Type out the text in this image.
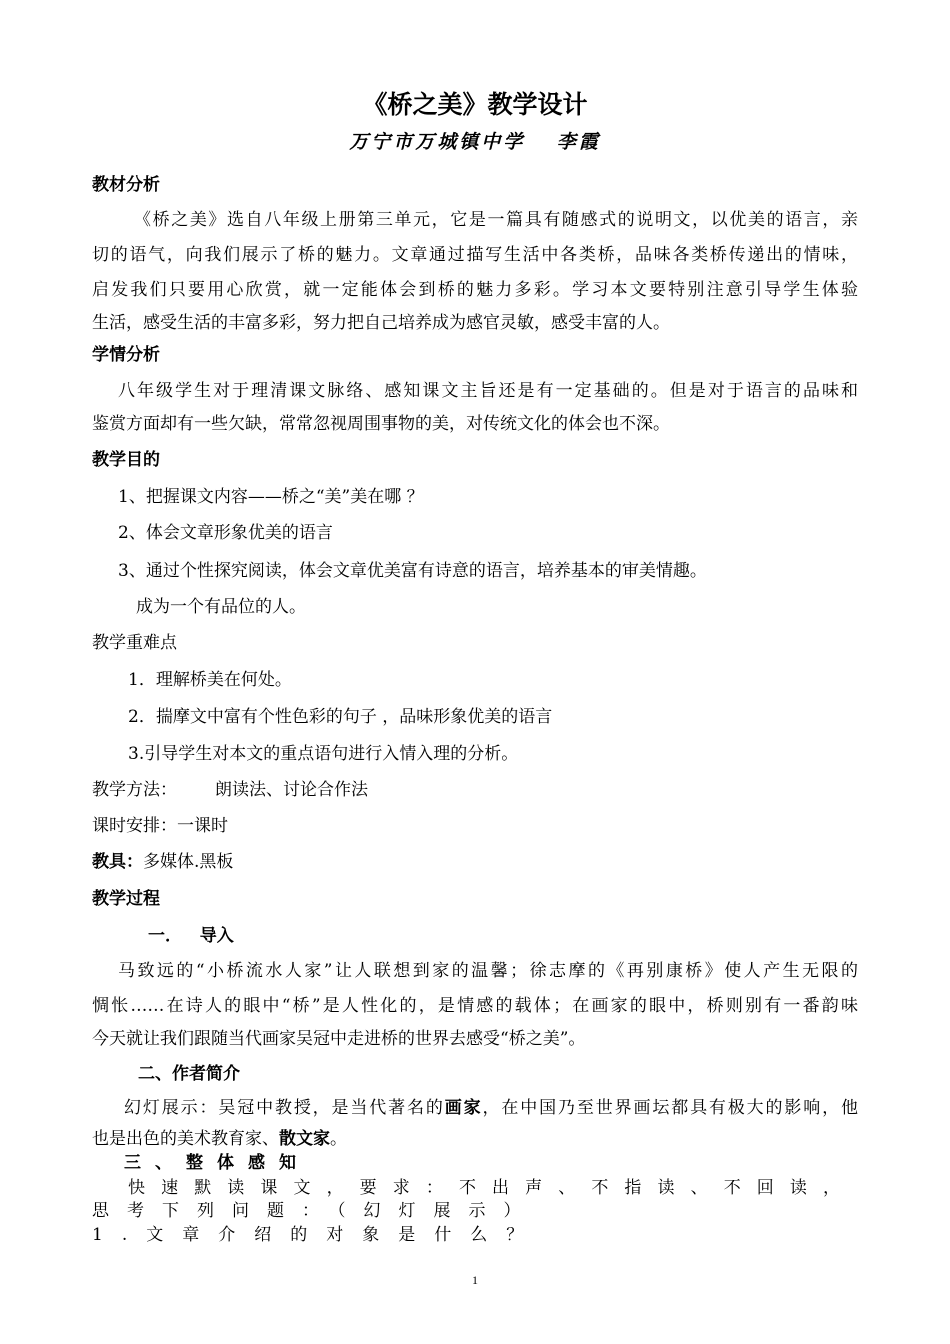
《桥之美》教学设计
万宁市万城镇中学　 李霞
教材分析
《桥之美》选自八年级上册第三单元，它是一篇具有随感式的说明文，以优美的语言，亲
切的语气，向我们展示了桥的魅力。文章通过描写生活中各类桥，品味各类桥传递出的情味，
启发我们只要用心欣赏，就一定能体会到桥的魅力多彩。学习本文要特别注意引导学生体验
生活，感受生活的丰富多彩，努力把自己培养成为感官灵敏，感受丰富的人。
学情分析
八年级学生对于理清课文脉络、感知课文主旨还是有一定基础的。但是对于语言的品味和
鉴赏方面却有一些欠缺，常常忽视周围事物的美，对传统文化的体会也不深。
教学目的
1、把握课文内容——桥之“美”美在哪 ？
2、体会文章形象优美的语言
3、通过个性探究阅读，体会文章优美富有诗意的语言，培养基本的审美情趣。
成为一个有品位的人。
教学重难点
1．理解桥美在何处。
2．揣摩文中富有个性色彩的句子 ，品味形象优美的语言
3.引导学生对本文的重点语句进行入情入理的分析。
教学方法： 朗读法、讨论合作法
课时安排：一课时
教具：多媒体.黑板
教学过程
一．   导入
马致远的“小桥流水人家”让人联想到家的温馨；徐志摩的《再别康桥》使人产生无限的
惆怅……在诗人的眼中“桥”是人性化的，是情感的载体；在画家的眼中，桥则别有一番韵味
今天就让我们跟随当代画家吴冠中走进桥的世界去感受“桥之美”。
二、作者简介
幻灯展示：吴冠中教授，是当代著名的画家，在中国乃至世界画坛都具有极大的影响，他
也是出色的美术教育家、散文家。
三、整体感知
快速默读课文，要求：不出声、不指读、不回读，
思考下列问题：（幻灯展示）
1.文章介绍的对象是什么？
1
